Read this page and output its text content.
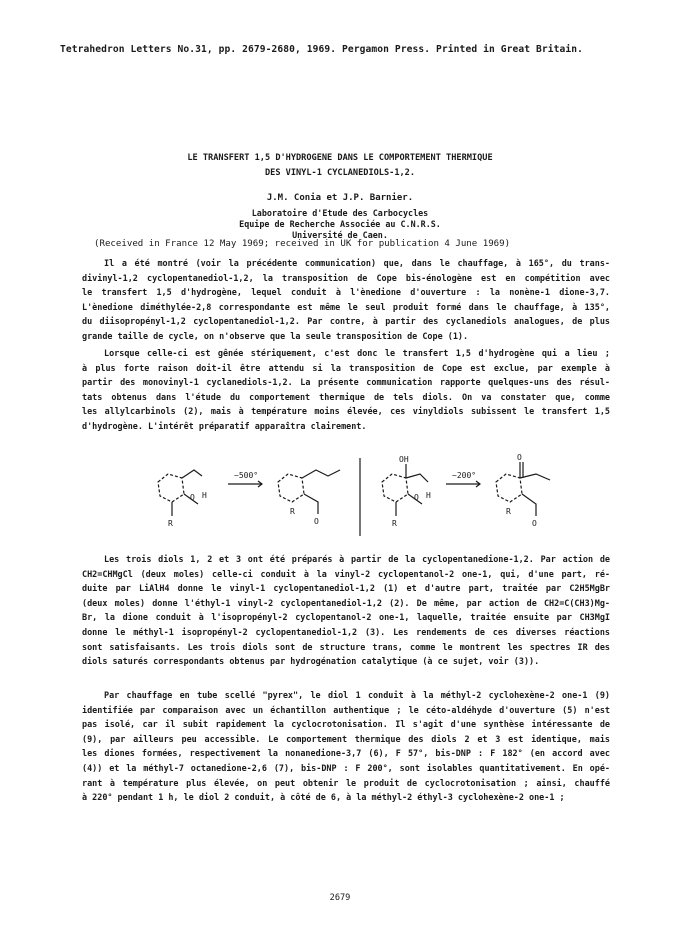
Tetrahedron Letters No.31, pp. 2679-2680, 1969. Pergamon Press. Printed in Great Britain.
LE TRANSFERT 1,5 D'HYDROGENE DANS LE COMPORTEMENT THERMIQUE
DES VINYL-1 CYCLANEDIOLS-1,2.
J.M. Conia et J.P. Barnier.
Laboratoire d'Etude des Carbocycles
Equipe de Recherche Associée au C.N.R.S.
Université de Caen.
(Received in France 12 May 1969; received in UK for publication 4 June 1969)
Il a été montré (voir la précédente communication) que, dans le chauffage, à 165°, du trans-
divinyl-1,2 cyclopentanediol-1,2, la transposition de Cope bis-énologène est en compétition avec
le transfert 1,5 d'hydrogène, lequel conduit à l'ènedione d'ouverture : la nonène-1 dione-3,7.
L'ènedione diméthylée-2,8 correspondante est même le seul produit formé dans le chauffage, à 135°,
du diisopropényl-1,2 cyclopentanediol-1,2. Par contre, à partir des cyclanediols analogues, de plus
grande taille de cycle, on n'observe que la seule transposition de Cope (1).
Lorsque celle-ci est gênée stériquement, c'est donc le transfert 1,5 d'hydrogène qui a lieu ;
à plus forte raison doit-il être attendu si la transposition de Cope est exclue, par exemple à
partir des monovinyl-1 cyclanediols-1,2. La présente communication rapporte quelques-uns des résul-
tats obtenus dans l'étude du comportement thermique de tels diols. On va constater que, comme
les allylcarbinols (2), mais à température moins élevée, ces vinyldiols subissent le transfert 1,5
d'hydrogène. L'intérêt préparatif apparaîtra clairement.
~500°	~200°
OH	O
O H
R	O
R
O H
R	O
R
Les trois diols 1, 2 et 3 ont été préparés à partir de la cyclopentanedione-1,2. Par action de
CH2=CHMgCl (deux moles) celle-ci conduit à la vinyl-2 cyclopentanol-2 one-1, qui, d'une part, ré-
duite par LiAlH4 donne le vinyl-1 cyclopentanediol-1,2 (1) et d'autre part, traitée par C2H5MgBr
(deux moles) donne l'éthyl-1 vinyl-2 cyclopentanediol-1,2 (2). De même, par action de CH2=C(CH3)Mg-
Br, la dione conduit à l'isopropényl-2 cyclopentanol-2 one-1, laquelle, traitée ensuite par CH3MgI
donne le méthyl-1 isopropényl-2 cyclopentanediol-1,2 (3). Les rendements de ces diverses réactions
sont satisfaisants. Les trois diols sont de structure trans, comme le montrent les spectres IR des
diols saturés correspondants obtenus par hydrogénation catalytique (à ce sujet, voir (3)).
Par chauffage en tube scellé "pyrex", le diol 1 conduit à la méthyl-2 cyclohexène-2 one-1 (9)
identifiée par comparaison avec un échantillon authentique ; le céto-aldéhyde d'ouverture (5) n'est
pas isolé, car il subit rapidement la cyclocrotonisation. Il s'agit d'une synthèse intéressante de
(9), par ailleurs peu accessible. Le comportement thermique des diols 2 et 3 est identique, mais
les diones formées, respectivement la nonanedione-3,7 (6), F 57°, bis-DNP : F 182° (en accord avec
(4)) et la méthyl-7 octanedione-2,6 (7), bis-DNP : F 200°, sont isolables quantitativement. En opé-
rant à température plus élevée, on peut obtenir le produit de cyclocrotonisation ; ainsi, chauffé
à 220° pendant 1 h, le diol 2 conduit, à côté de 6, à la méthyl-2 éthyl-3 cyclohexène-2 one-1 ;
2679
